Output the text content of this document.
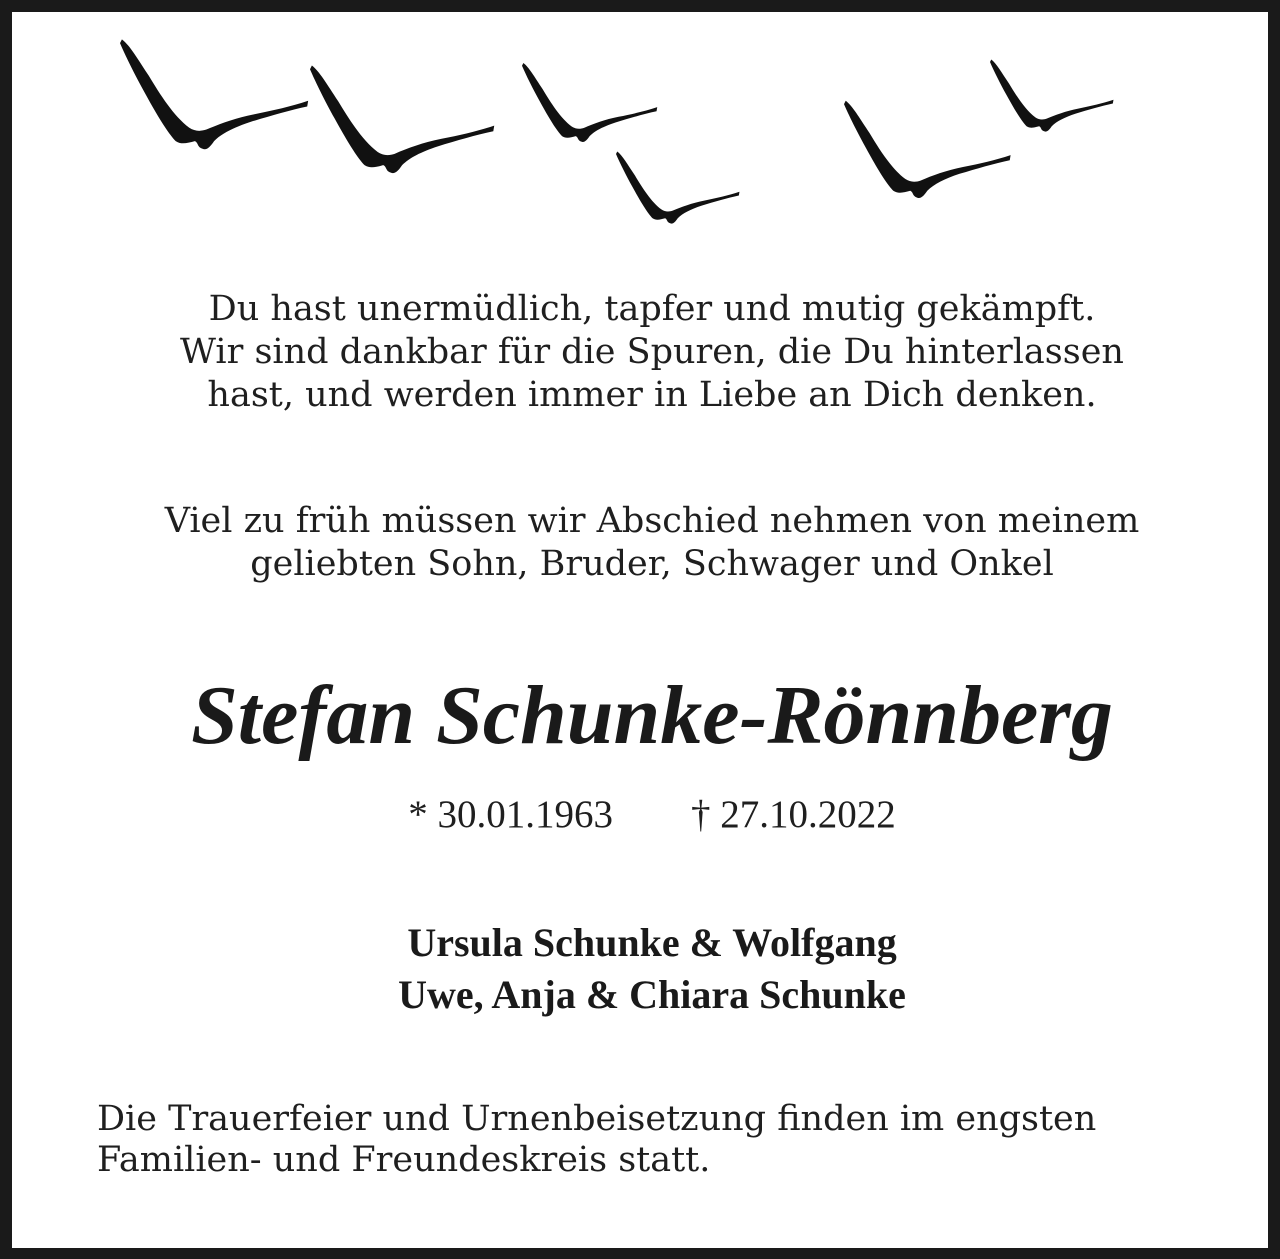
Du hast unermüdlich, tapfer und mutig gekämpft.
Wir sind dankbar für die Spuren, die Du hinterlassen
hast, und werden immer in Liebe an Dich denken.
Viel zu früh müssen wir Abschied nehmen von meinem
geliebten Sohn, Bruder, Schwager und Onkel
Stefan Schunke-Rönnberg
* 30.01.1963 † 27.10.2022
Ursula Schunke & Wolfgang
Uwe, Anja & Chiara Schunke
Die Trauerfeier und Urnenbeisetzung finden im engsten
Familien- und Freundeskreis statt.
